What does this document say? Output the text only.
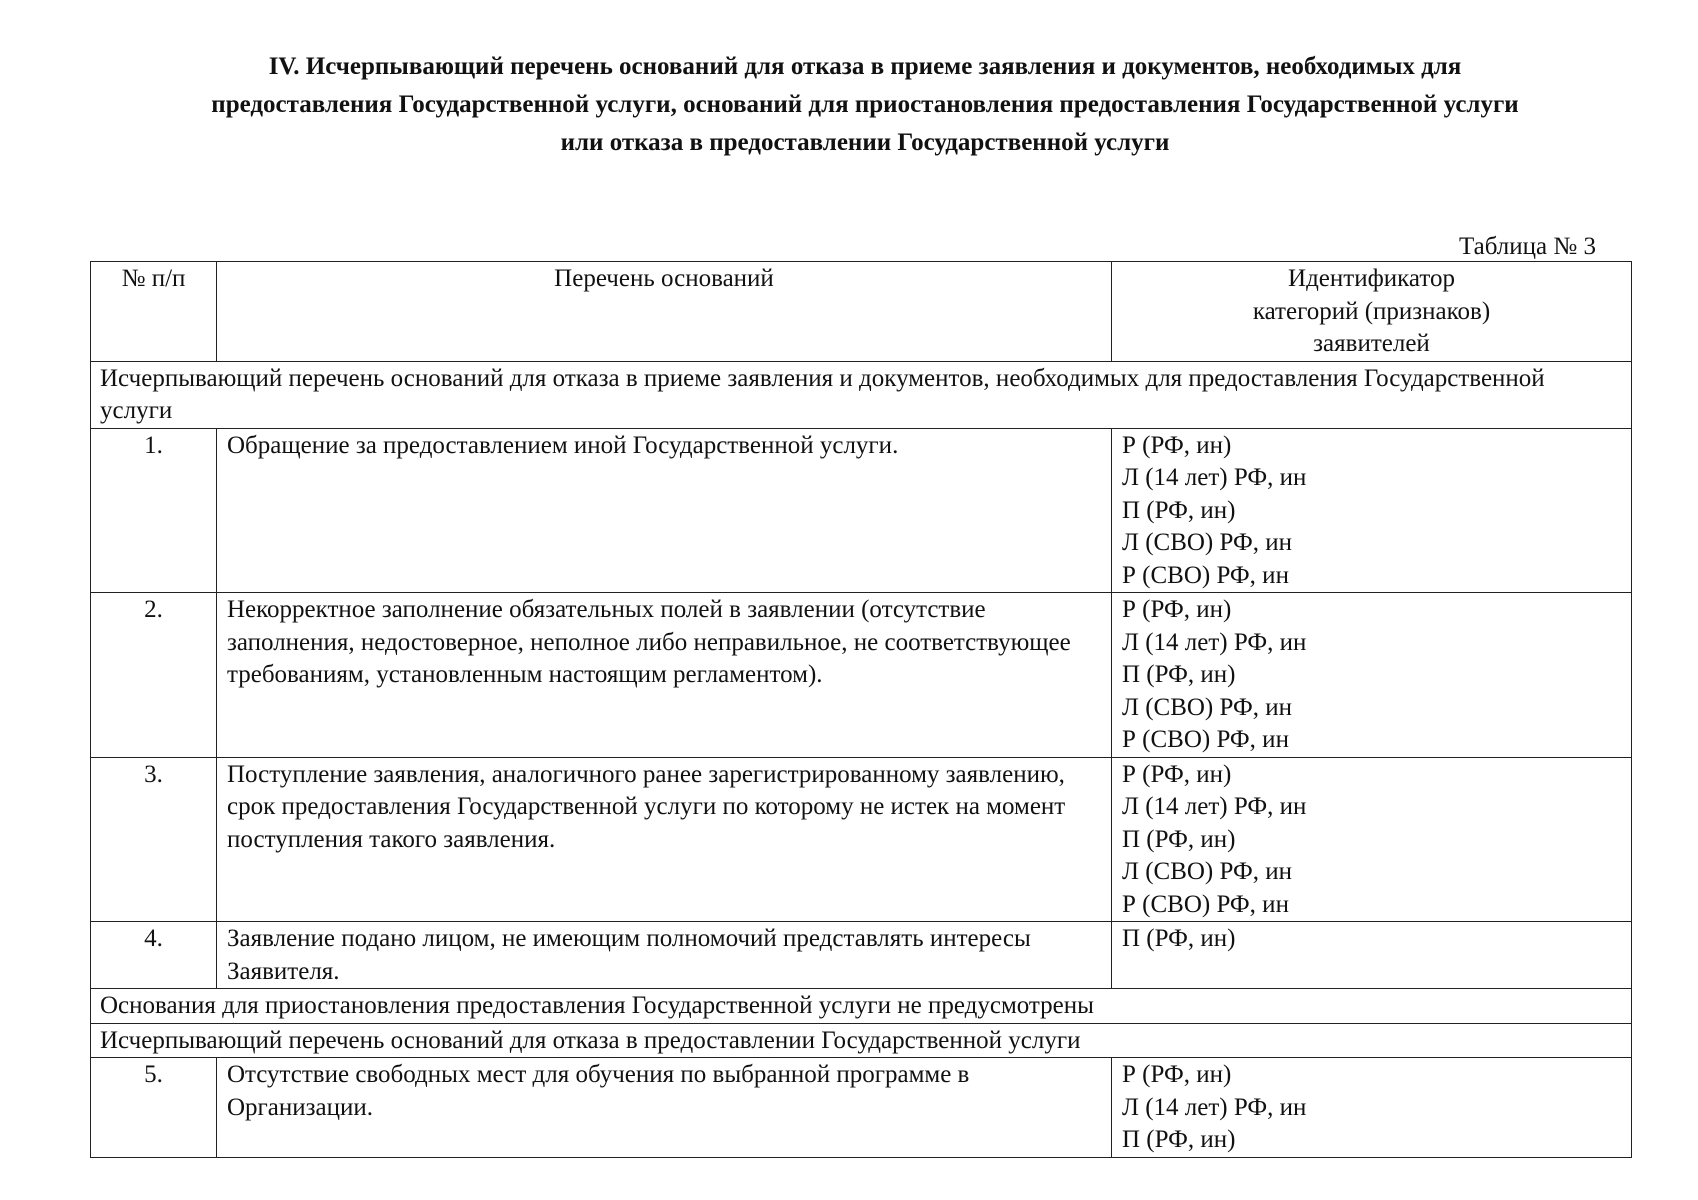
IV. Исчерпывающий перечень оснований для отказа в приеме заявления и документов, необходимых для
предоставления Государственной услуги, оснований для приостановления предоставления Государственной услуги
или отказа в предоставлении Государственной услуги

Таблица № 3

№ п/п	Перечень оснований	Идентификатор
категорий (признаков)
заявителей

Исчерпывающий перечень оснований для отказа в приеме заявления и документов, необходимых для предоставления Государственной услуги		

1.	Обращение за предоставлением иной Государственной услуги.	Р (РФ, ин)
Л (14 лет) РФ, ин
П (РФ, ин)
Л (СВО) РФ, ин
Р (СВО) РФ, ин

2.	Некорректное заполнение обязательных полей в заявлении (отсутствие заполнения, недостоверное, неполное либо неправильное, не соответствующее требованиям, установленным настоящим регламентом).	Р (РФ, ин)
Л (14 лет) РФ, ин
П (РФ, ин)
Л (СВО) РФ, ин
Р (СВО) РФ, ин

3.	Поступление заявления, аналогичного ранее зарегистрированному заявлению, срок предоставления Государственной услуги по которому не истек на момент поступления такого заявления.	Р (РФ, ин)
Л (14 лет) РФ, ин
П (РФ, ин)
Л (СВО) РФ, ин
Р (СВО) РФ, ин

4.	Заявление подано лицом, не имеющим полномочий представлять интересы Заявителя.	П (РФ, ин)

Основания для приостановления предоставления Государственной услуги не предусмотрены		

Исчерпывающий перечень оснований для отказа в предоставлении Государственной услуги		

5.	Отсутствие свободных мест для обучения по выбранной программе в Организации.	Р (РФ, ин)
Л (14 лет) РФ, ин
П (РФ, ин)
